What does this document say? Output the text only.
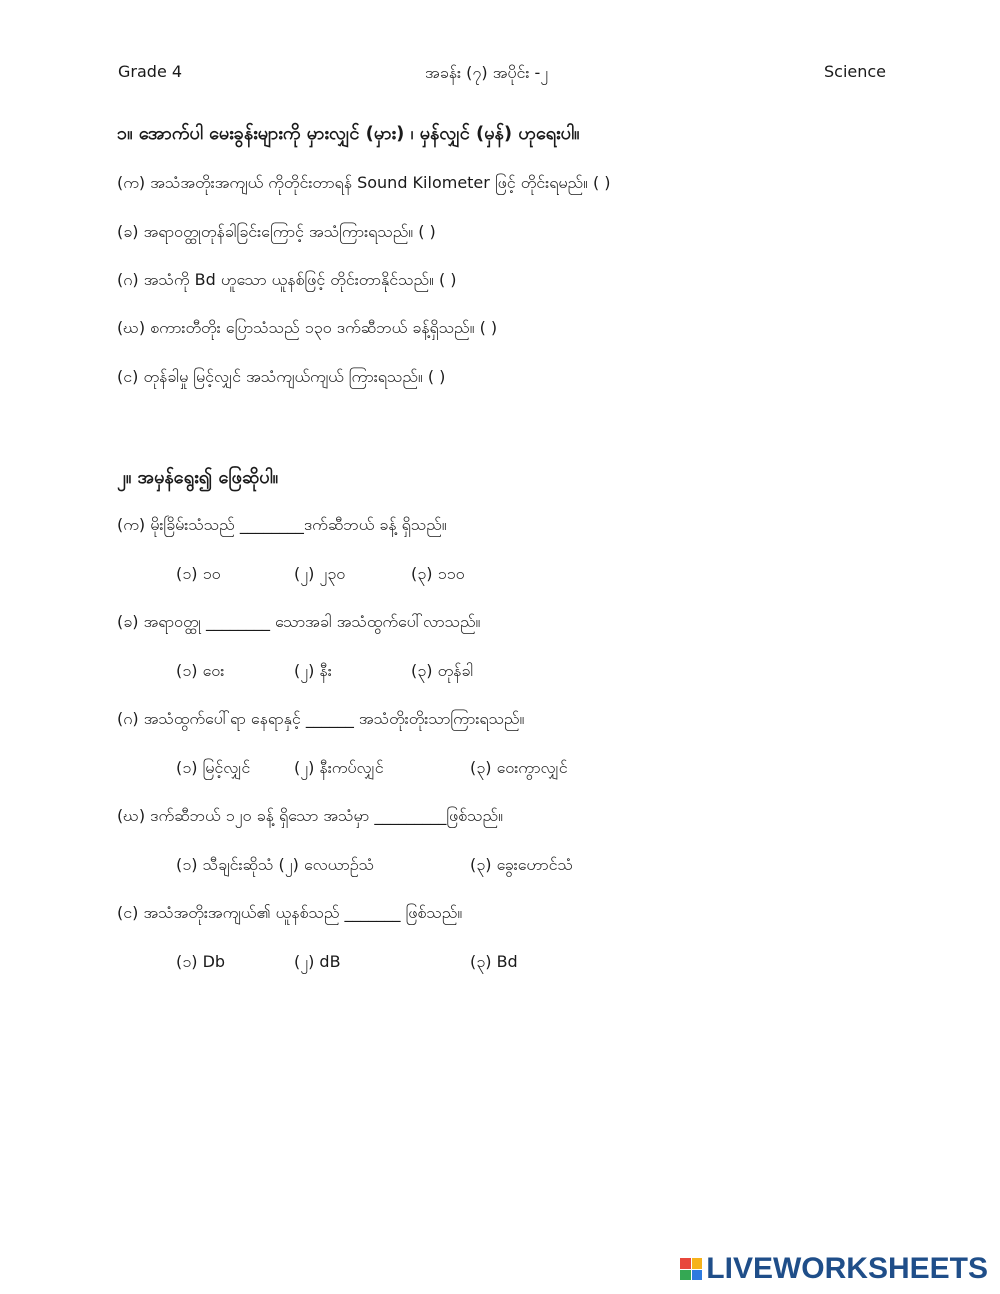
Grade 4	အခန်း (၇) အပိုင်း -၂	Science
၁။ အောက်ပါ မေးခွန်းများကို မှားလျှင် (မှား) ၊ မှန်လျှင် (မှန်) ဟုရေးပါ။
(က) အသံအတိုးအကျယ် ကိုတိုင်းတာရန် Sound Kilometer ဖြင့် တိုင်းရမည်။ ( )
(ခ) အရာဝတ္ထုတုန်ခါခြင်းကြောင့် အသံကြားရသည်။ ( )
(ဂ) အသံကို Bd ဟူသော ယူနစ်ဖြင့် တိုင်းတာနိုင်သည်။ ( )
(ဃ) စကားတီတိုး ပြောသံသည် ၁၃၀ ဒက်ဆီဘယ် ခန့်ရှိသည်။ ( )
(င) တုန်ခါမှု မြင့်လျှင် အသံကျယ်ကျယ် ကြားရသည်။ ( )
၂။ အမှန်ရွေး၍ ဖြေဆိုပါ။
(က) မိုးခြိမ်းသံသည် ________ဒက်ဆီဘယ် ခန့် ရှိသည်။
(၁) ၁၀	(၂) ၂၃၀	(၃) ၁၁၀
(ခ) အရာဝတ္ထု ________ သောအခါ အသံထွက်ပေါ်လာသည်။
(၁) ဝေး	(၂) နီး	(၃) တုန်ခါ
(ဂ) အသံထွက်ပေါ်ရာ နေရာနှင့် ______ အသံတိုးတိုးသာကြားရသည်။
(၁) မြင့်လျှင်	(၂) နီးကပ်လျှင်	(၃) ဝေးကွာလျှင်
(ဃ) ဒက်ဆီဘယ် ၁၂၀ ခန့် ရှိသော အသံမှာ _________ဖြစ်သည်။
(၁) သီချင်းဆိုသံ (၂) လေယာဉ်သံ	(၃) ခွေးဟောင်သံ
(င) အသံအတိုးအကျယ်၏ ယူနစ်သည် _______ ဖြစ်သည်။
(၁) Db	(၂) dB	(၃) Bd
LIVEWORKSHEETS
